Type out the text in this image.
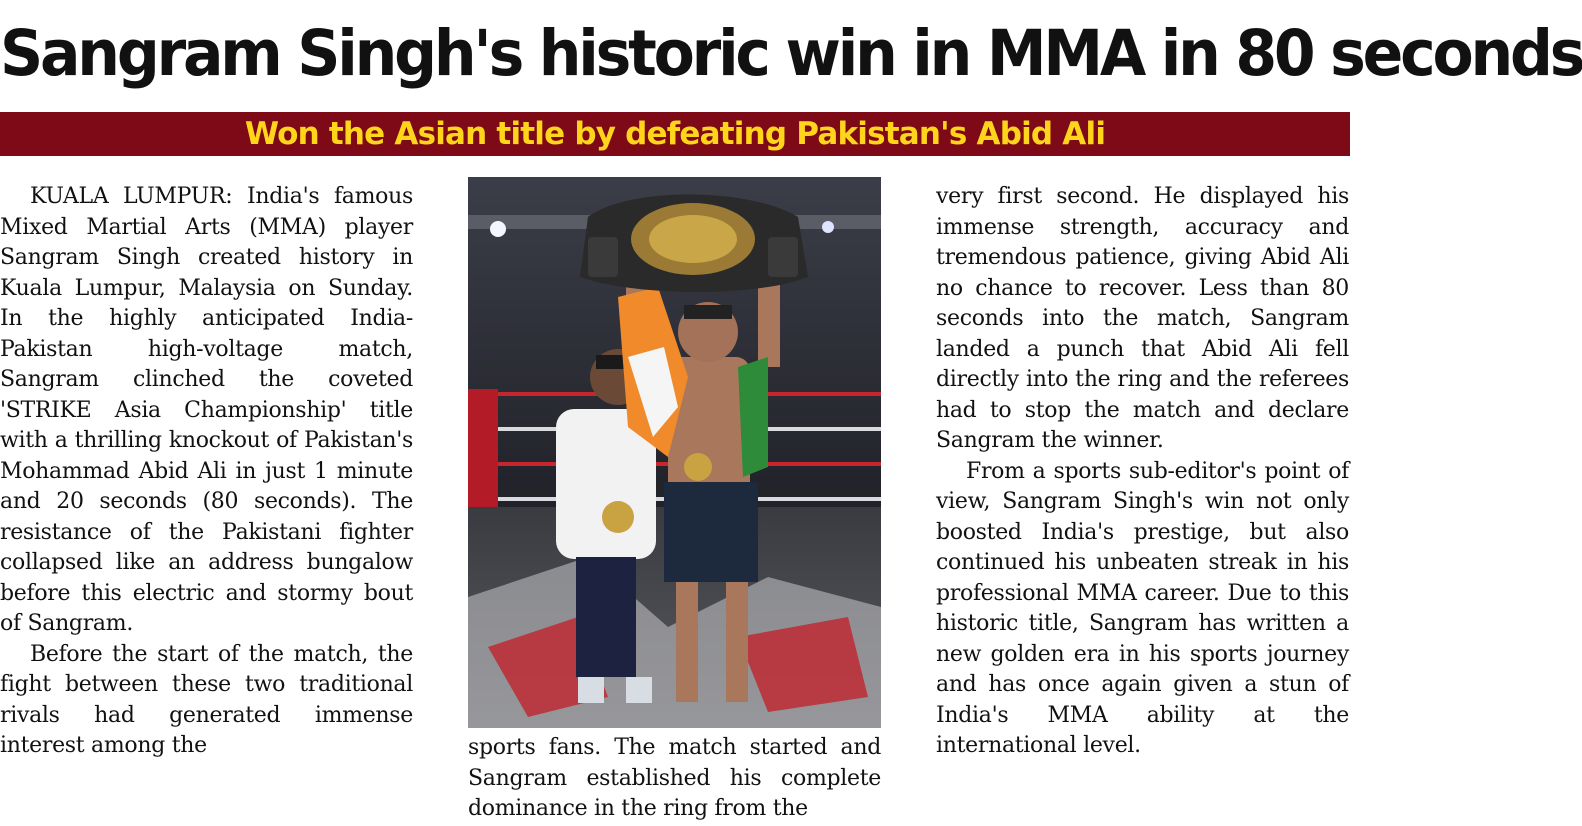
Sangram Singh's historic win in MMA in 80 seconds
Won the Asian title by defeating Pakistan's Abid Ali

KUALA LUMPUR: India's famous Mixed Martial Arts (MMA) player Sangram Singh created history in Kuala Lumpur, Malaysia on Sunday. In the highly anticipated India-Pakistan high-voltage match, Sangram clinched the coveted 'STRIKE Asia Championship' title with a thrilling knockout of Pakistan's Mohammad Abid Ali in just 1 minute and 20 seconds (80 seconds). The resistance of the Pakistani fighter collapsed like an address bungalow before this electric and stormy bout of Sangram.

Before the start of the match, the fight between these two traditional rivals had generated immense interest among the	sports fans. The match started and Sangram established his complete dominance in the ring from the

very first second. He displayed his immense strength, accuracy and tremendous patience, giving Abid Ali no chance to recover. Less than 80 seconds into the match, Sangram landed a punch that Abid Ali fell directly into the ring and the referees had to stop the match and declare Sangram the winner.

From a sports sub-editor's point of view, Sangram Singh's win not only boosted India's prestige, but also continued his unbeaten streak in his professional MMA career. Due to this historic title, Sangram has written a new golden era in his sports journey and has once again given a stun of India's MMA ability at the international level.
